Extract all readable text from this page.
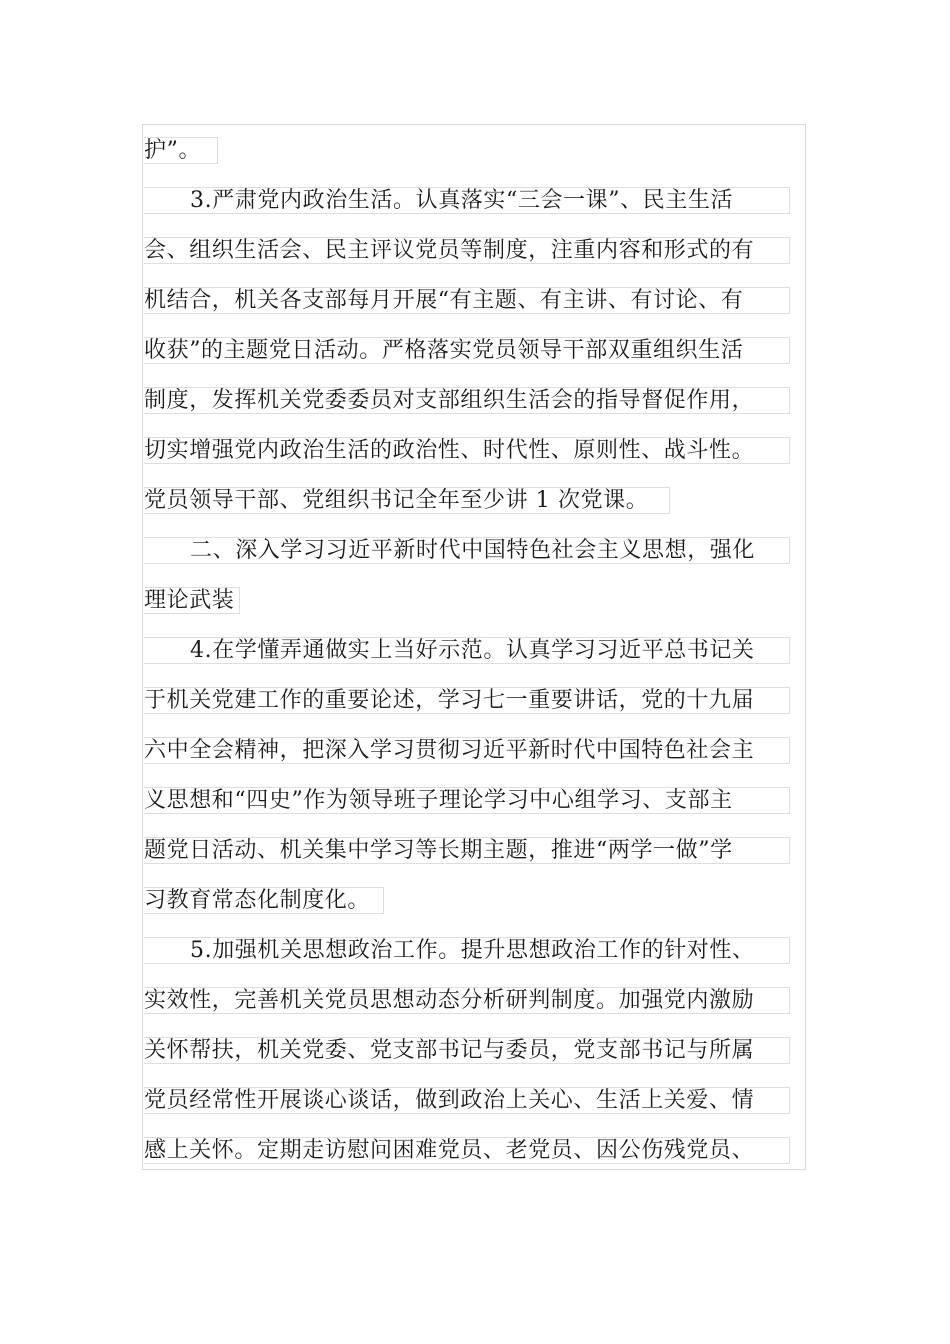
护”。
3.严肃党内政治生活。认真落实“三会一课”、民主生活
会、组织生活会、民主评议党员等制度，注重内容和形式的有
机结合，机关各支部每月开展“有主题、有主讲、有讨论、有
收获”的主题党日活动。严格落实党员领导干部双重组织生活
制度，发挥机关党委委员对支部组织生活会的指导督促作用，
切实增强党内政治生活的政治性、时代性、原则性、战斗性。
党员领导干部、党组织书记全年至少讲 1 次党课。
二、深入学习习近平新时代中国特色社会主义思想，强化
理论武装
4.在学懂弄通做实上当好示范。认真学习习近平总书记关
于机关党建工作的重要论述，学习七一重要讲话，党的十九届
六中全会精神，把深入学习贯彻习近平新时代中国特色社会主
义思想和“四史”作为领导班子理论学习中心组学习、支部主
题党日活动、机关集中学习等长期主题，推进“两学一做”学
习教育常态化制度化。
5.加强机关思想政治工作。提升思想政治工作的针对性、
实效性，完善机关党员思想动态分析研判制度。加强党内激励
关怀帮扶，机关党委、党支部书记与委员，党支部书记与所属
党员经常性开展谈心谈话，做到政治上关心、生活上关爱、情
感上关怀。定期走访慰问困难党员、老党员、因公伤残党员、
